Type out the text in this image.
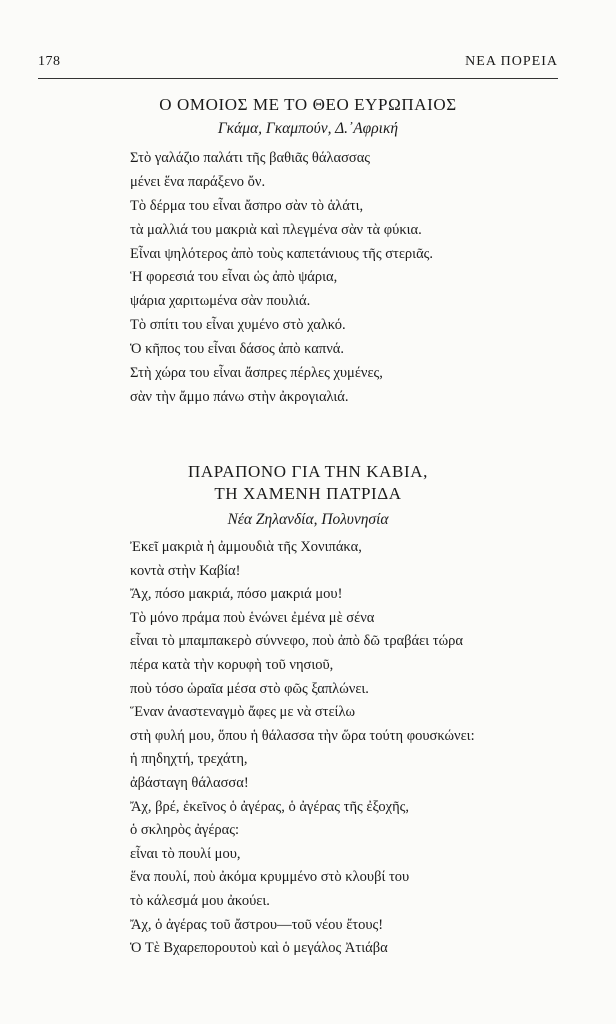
178	ΝΕΑ ΠΟΡΕΙΑ
Ο ΟΜΟΙΟΣ ΜΕ ΤΟ ΘΕΟ ΕΥΡΩΠΑΙΟΣ
Γκάμα, Γκαμπούν, Δ.᾿Αφρική
Στὸ γαλάζιο παλάτι τῆς βαθιᾶς θάλασσας
μένει ἕνα παράξενο ὄν.
Τὸ δέρμα του εἶναι ἄσπρο σὰν τὸ ἁλάτι,
τὰ μαλλιά του μακριὰ καὶ πλεγμένα σὰν τὰ φύκια.
Εἶναι ψηλότερος ἀπὸ τοὺς καπετάνιους τῆς στεριᾶς.
Ἡ φορεσιά του εἶναι ὡς ἀπὸ ψάρια,
ψάρια χαριτωμένα σὰν πουλιά.
Τὸ σπίτι του εἶναι χυμένο στὸ χαλκό.
Ὁ κῆπος του εἶναι δάσος ἀπὸ καπνά.
Στὴ χώρα του εἶναι ἄσπρες πέρλες χυμένες,
σὰν τὴν ἄμμο πάνω στὴν ἀκρογιαλιά.
ΠΑΡΑΠΟΝΟ ΓΙΑ ΤΗΝ ΚΑΒΙΑ,
ΤΗ ΧΑΜΕΝΗ ΠΑΤΡΙΔΑ
Νέα Ζηλανδία, Πολυνησία
Ἐκεῖ μακριὰ ἡ ἀμμουδιὰ τῆς Χονιπάκα,
κοντὰ στὴν Καβία!
Ἄχ, πόσο μακριά, πόσο μακριά μου!
Τὸ μόνο πράμα ποὺ ἑνώνει ἐμένα μὲ σένα
εἶναι τὸ μπαμπακερὸ σύννεφο, ποὺ ἀπὸ δῶ τραβάει τώρα
πέρα κατὰ τὴν κορυφὴ τοῦ νησιοῦ,
ποὺ τόσο ὡραῖα μέσα στὸ φῶς ξαπλώνει.
Ἕναν ἀναστεναγμὸ ἄφες με νὰ στείλω
στὴ φυλή μου, ὅπου ἡ θάλασσα τὴν ὥρα τούτη φουσκώνει:
ἡ πηδηχτή, τρεχάτη,
ἀβάσταγη θάλασσα!
Ἄχ, βρέ, ἐκεῖνος ὁ ἀγέρας, ὁ ἀγέρας τῆς ἐξοχῆς,
ὁ σκληρὸς ἀγέρας:
εἶναι τὸ πουλί μου,
ἕνα πουλί, ποὺ ἀκόμα κρυμμένο στὸ κλουβί του
τὸ κάλεσμά μου ἀκούει.
Ἄχ, ὁ ἀγέρας τοῦ ἄστρου—τοῦ νέου ἔτους!
Ὁ Τὲ Βχαρεπορουτοὺ καὶ ὁ μεγάλος Ἀτιάβα
